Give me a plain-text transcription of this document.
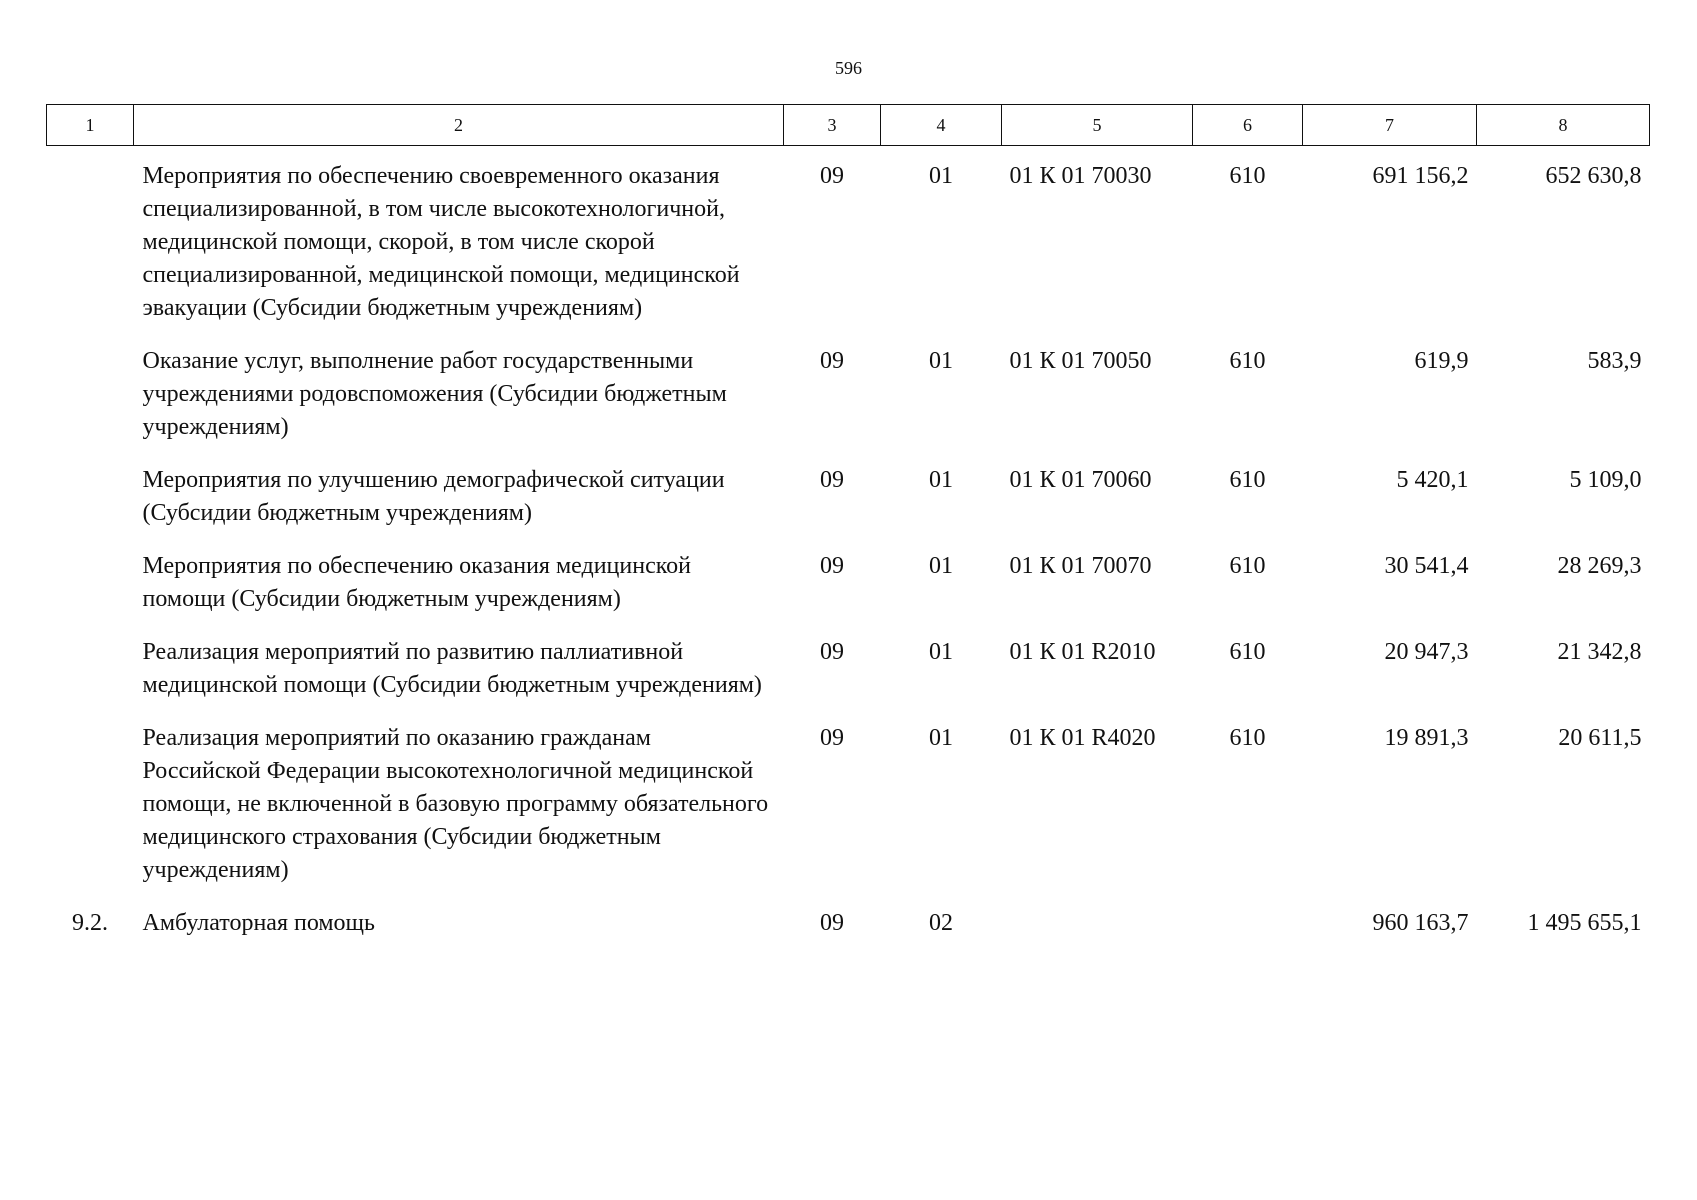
596
1	2	3	4	5	6	7	8
	Мероприятия по обеспечению своевременного оказания специализированной, в том числе высокотехнологичной, медицинской помощи, скорой, в том числе скорой специализированной, медицинской помощи, медицинской эвакуации (Субсидии бюджетным учреждениям)	09	01	01 К 01 70030	610	691 156,2	652 630,8
	Оказание услуг, выполнение работ государственными учреждениями родовспоможения (Субсидии бюджетным учреждениям)	09	01	01 К 01 70050	610	619,9	583,9
	Мероприятия по улучшению демографической ситуации (Субсидии бюджетным учреждениям)	09	01	01 К 01 70060	610	5 420,1	5 109,0
	Мероприятия по обеспечению оказания медицинской помощи (Субсидии бюджетным учреждениям)	09	01	01 К 01 70070	610	30 541,4	28 269,3
	Реализация мероприятий по развитию паллиативной медицинской помощи (Субсидии бюджетным учреждениям)	09	01	01 К 01 R2010	610	20 947,3	21 342,8
	Реализация мероприятий по оказанию гражданам Российской Федерации высокотехнологичной медицинской помощи, не включенной в базовую программу обязательного медицинского страхования (Субсидии бюджетным учреждениям)	09	01	01 К 01 R4020	610	19 891,3	20 611,5
9.2.	Амбулаторная помощь	09	02			960 163,7	1 495 655,1
